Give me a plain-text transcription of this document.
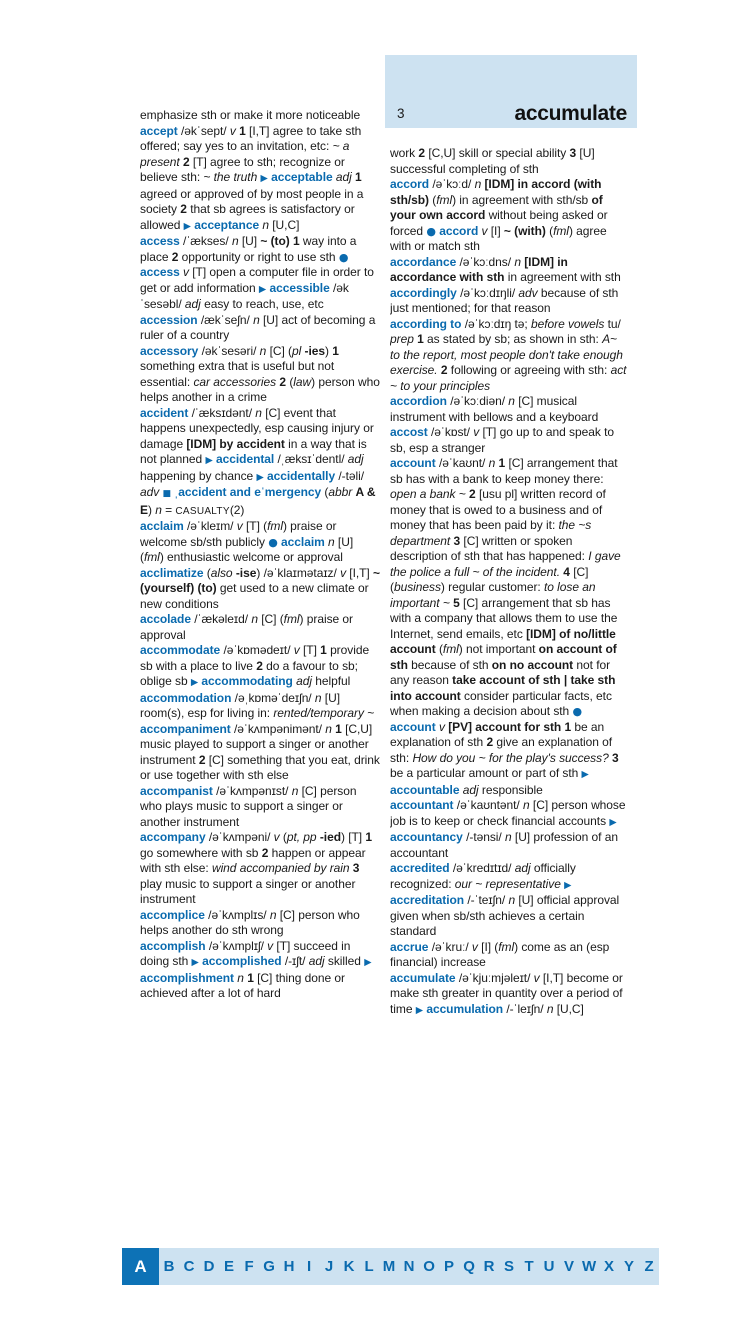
3	accumulate

emphasize sth or make it more noticeable

accept /əkˈsept/ v 1 [I,T] agree to take sth offered; say yes to an invitation, etc: ~ a present 2 [T] agree to sth; recognize or believe sth: ~ the truth ▶ acceptable adj 1 agreed or approved of by most people in a society 2 that sb agrees is satisfactory or allowed ▶ acceptance n [U,C]

access /ˈækses/ n [U] ~ (to) 1 way into a place 2 opportunity or right to use sth ● access v [T] open a computer file in order to get or add information ▶ accessible /əkˈsesəbl/ adj easy to reach, use, etc

accession /ækˈseʃn/ n [U] act of becoming a ruler of a country

accessory /əkˈsesəri/ n [C] (pl -ies) 1 something extra that is useful but not essential: car accessories 2 (law) person who helps another in a crime

accident /ˈæksɪdənt/ n [C] event that happens unexpectedly, esp causing injury or damage [IDM] by accident in a way that is not planned ▶ accidental /ˌæksɪˈdentl/ adj happening by chance ▶ accidentally /-təli/ adv ■ ˌaccident and eˈmergency (abbr A & E) n = CASUALTY(2)

acclaim /əˈkleɪm/ v [T] (fml) praise or welcome sb/sth publicly ● acclaim n [U] (fml) enthusiastic welcome or approval

acclimatize (also -ise) /əˈklaɪmətaɪz/ v [I,T] ~ (yourself) (to) get used to a new climate or new conditions

accolade /ˈækəleɪd/ n [C] (fml) praise or approval

accommodate /əˈkɒmədeɪt/ v [T] 1 provide sb with a place to live 2 do a favour to sb; oblige sb ▶ accommodating adj helpful

accommodation /əˌkɒməˈdeɪʃn/ n [U] room(s), esp for living in: rented/temporary ~

accompaniment /əˈkʌmpənimənt/ n 1 [C,U] music played to support a singer or another instrument 2 [C] something that you eat, drink or use together with sth else

accompanist /əˈkʌmpənɪst/ n [C] person who plays music to support a singer or another instrument

accompany /əˈkʌmpəni/ v (pt, pp -ied) [T] 1 go somewhere with sb 2 happen or appear with sth else: wind accompanied by rain 3 play music to support a singer or another instrument

accomplice /əˈkʌmplɪs/ n [C] person who helps another do sth wrong

accomplish /əˈkʌmplɪʃ/ v [T] succeed in doing sth ▶ accomplished /-ɪʃt/ adj skilled ▶ accomplishment n 1 [C] thing done or achieved after a lot of hard

work 2 [C,U] skill or special ability 3 [U] successful completing of sth

accord /əˈkɔːd/ n [IDM] in accord (with sth/sb) (fml) in agreement with sth/sb of your own accord without being asked or forced ● accord v [I] ~ (with) (fml) agree with or match sth

accordance /əˈkɔːdns/ n [IDM] in accordance with sth in agreement with sth

accordingly /əˈkɔːdɪŋli/ adv because of sth just mentioned; for that reason

according to /əˈkɔːdɪŋ tə; before vowels tu/ prep 1 as stated by sb; as shown in sth: A~ to the report, most people don't take enough exercise. 2 following or agreeing with sth: act ~ to your principles

accordion /əˈkɔːdiən/ n [C] musical instrument with bellows and a keyboard

accost /əˈkɒst/ v [T] go up to and speak to sb, esp a stranger

account /əˈkaʊnt/ n 1 [C] arrangement that sb has with a bank to keep money there: open a bank ~ 2 [usu pl] written record of money that is owed to a business and of money that has been paid by it: the ~s department 3 [C] written or spoken description of sth that has happened: I gave the police a full ~ of the incident. 4 [C] (business) regular customer: to lose an important ~ 5 [C] arrangement that sb has with a company that allows them to use the Internet, send emails, etc [IDM] of no/little account (fml) not important on account of sth because of sth on no account not for any reason take account of sth | take sth into account consider particular facts, etc when making a decision about sth ● account v [PV] account for sth 1 be an explanation of sth 2 give an explanation of sth: How do you ~ for the play's success? 3 be a particular amount or part of sth ▶ accountable adj responsible

accountant /əˈkaʊntənt/ n [C] person whose job is to keep or check financial accounts ▶ accountancy /-tənsi/ n [U] profession of an accountant

accredited /əˈkredɪtɪd/ adj officially recognized: our ~ representative ▶ accreditation /-ˈteɪʃn/ n [U] official approval given when sb/sth achieves a certain standard

accrue /əˈkruː/ v [I] (fml) come as an (esp financial) increase

accumulate /əˈkjuːmjəleɪt/ v [I,T] become or make sth greater in quantity over a period of time ▶ accumulation /-ˈleɪʃn/ n [U,C]

A	B C D E F G H I J K L M N O P Q R S T U V W X Y Z
